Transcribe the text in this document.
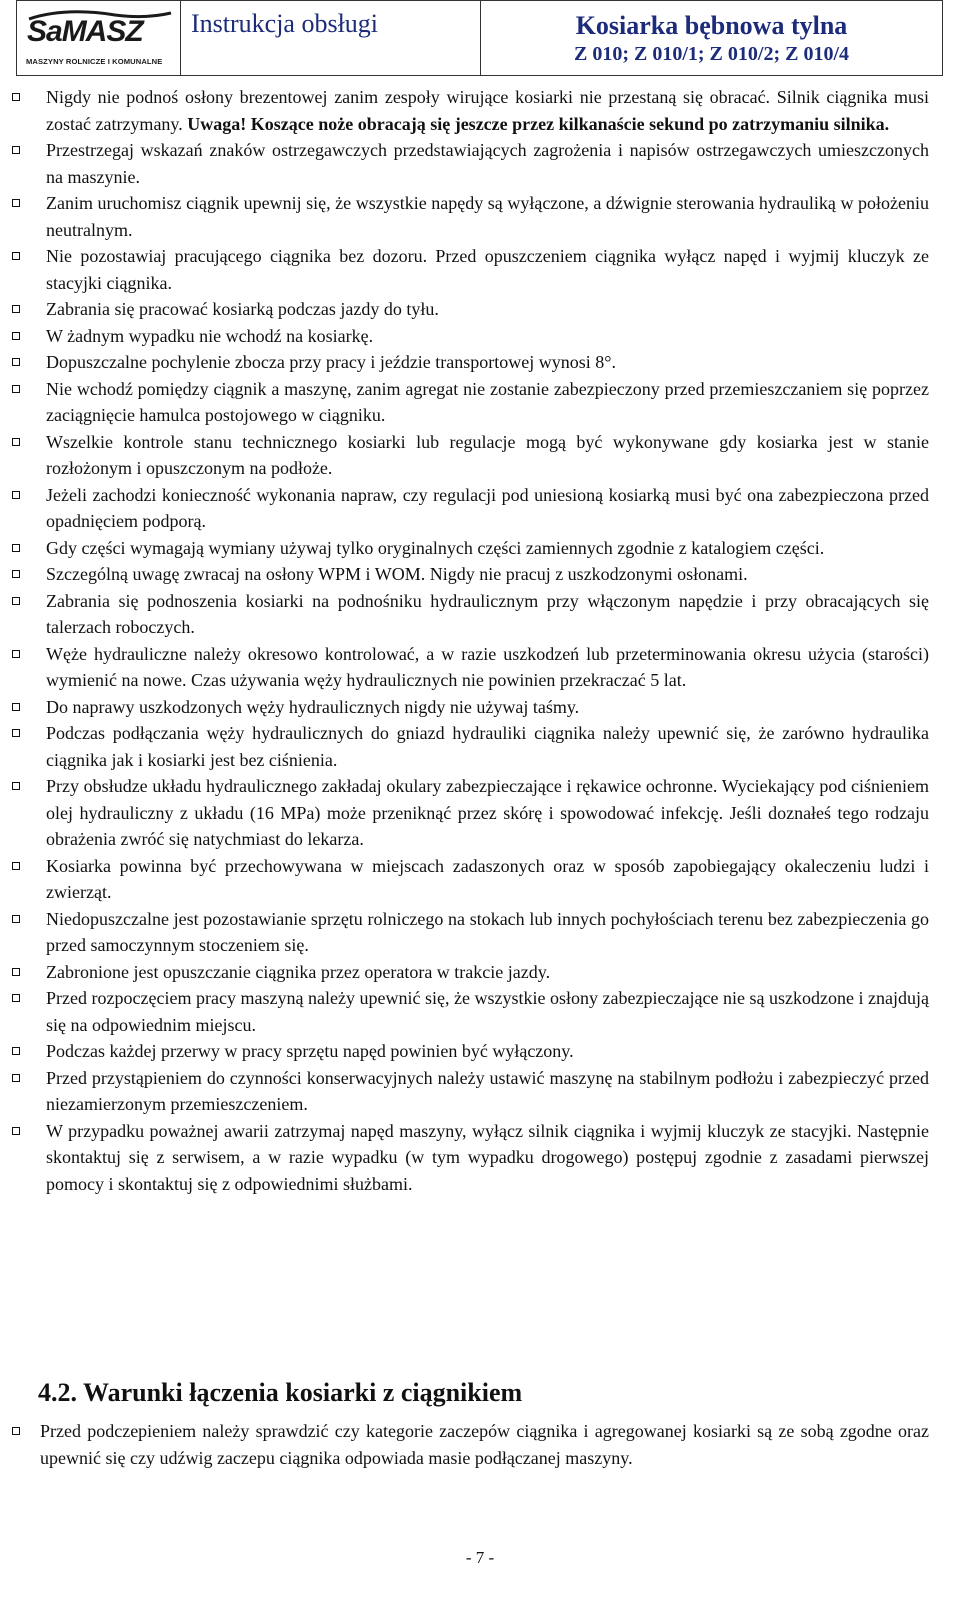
SaMASZ
MASZYNY ROLNICZE I KOMUNALNE
Instrukcja obsługi	Kosiarka bębnowa tylna
Z 010; Z 010/1; Z 010/2; Z 010/4
Nigdy nie podnoś osłony brezentowej zanim zespoły wirujące kosiarki nie przestaną się obracać. Silnik ciągnika musi zostać zatrzymany. Uwaga! Koszące noże obracają się jeszcze przez kilkanaście sekund po zatrzymaniu silnika.
Przestrzegaj wskazań znaków ostrzegawczych przedstawiających zagrożenia i napisów ostrzegawczych umieszczonych na maszynie.
Zanim uruchomisz ciągnik upewnij się, że wszystkie napędy są wyłączone, a dźwignie sterowania hydrauliką w położeniu neutralnym.
Nie pozostawiaj pracującego ciągnika bez dozoru. Przed opuszczeniem ciągnika wyłącz napęd i wyjmij kluczyk ze stacyjki ciągnika.
Zabrania się pracować kosiarką podczas jazdy do tyłu.
W żadnym wypadku nie wchodź na kosiarkę.
Dopuszczalne pochylenie zbocza przy pracy i jeździe transportowej wynosi 8°.
Nie wchodź pomiędzy ciągnik a maszynę, zanim agregat nie zostanie zabezpieczony przed przemieszczaniem się poprzez zaciągnięcie hamulca postojowego w ciągniku.
Wszelkie kontrole stanu technicznego kosiarki lub regulacje mogą być wykonywane gdy kosiarka jest w stanie rozłożonym i opuszczonym na podłoże.
Jeżeli zachodzi konieczność wykonania napraw, czy regulacji pod uniesioną kosiarką musi być ona zabezpieczona przed opadnięciem podporą.
Gdy części wymagają wymiany używaj tylko oryginalnych części zamiennych zgodnie z katalogiem części.
Szczególną uwagę zwracaj na osłony WPM i WOM. Nigdy nie pracuj z uszkodzonymi osłonami.
Zabrania się podnoszenia kosiarki na podnośniku hydraulicznym przy włączonym napędzie i przy obracających się talerzach roboczych.
Węże hydrauliczne należy okresowo kontrolować, a w razie uszkodzeń lub przeterminowania okresu użycia (starości) wymienić na nowe. Czas używania węży hydraulicznych nie powinien przekraczać 5 lat.
Do naprawy uszkodzonych węży hydraulicznych nigdy nie używaj taśmy.
Podczas podłączania węży hydraulicznych do gniazd hydrauliki ciągnika należy upewnić się, że zarówno hydraulika ciągnika jak i kosiarki jest bez ciśnienia.
Przy obsłudze układu hydraulicznego zakładaj okulary zabezpieczające i rękawice ochronne. Wyciekający pod ciśnieniem olej hydrauliczny z układu (16 MPa) może przeniknąć przez skórę i spowodować infekcję. Jeśli doznałeś tego rodzaju obrażenia zwróć się natychmiast do lekarza.
Kosiarka powinna być przechowywana w miejscach zadaszonych oraz w sposób zapobiegający okaleczeniu ludzi i zwierząt.
Niedopuszczalne jest pozostawianie sprzętu rolniczego na stokach lub innych pochyłościach terenu bez zabezpieczenia go przed samoczynnym stoczeniem się.
Zabronione jest opuszczanie ciągnika przez operatora w trakcie jazdy.
Przed rozpoczęciem pracy maszyną należy upewnić się, że wszystkie osłony zabezpieczające nie są uszkodzone i znajdują się na odpowiednim miejscu.
Podczas każdej przerwy w pracy sprzętu napęd powinien być wyłączony.
Przed przystąpieniem do czynności konserwacyjnych należy ustawić maszynę na stabilnym podłożu i zabezpieczyć przed niezamierzonym przemieszczeniem.
W przypadku poważnej awarii zatrzymaj napęd maszyny, wyłącz silnik ciągnika i wyjmij kluczyk ze stacyjki. Następnie skontaktuj się z serwisem, a w razie wypadku (w tym wypadku drogowego) postępuj zgodnie z zasadami pierwszej pomocy i skontaktuj się z odpowiednimi służbami.
4.2. Warunki łączenia kosiarki z ciągnikiem
Przed podczepieniem należy sprawdzić czy kategorie zaczepów ciągnika i agregowanej kosiarki są ze sobą zgodne oraz upewnić się czy udźwig zaczepu ciągnika odpowiada masie podłączanej maszyny.
- 7 -
